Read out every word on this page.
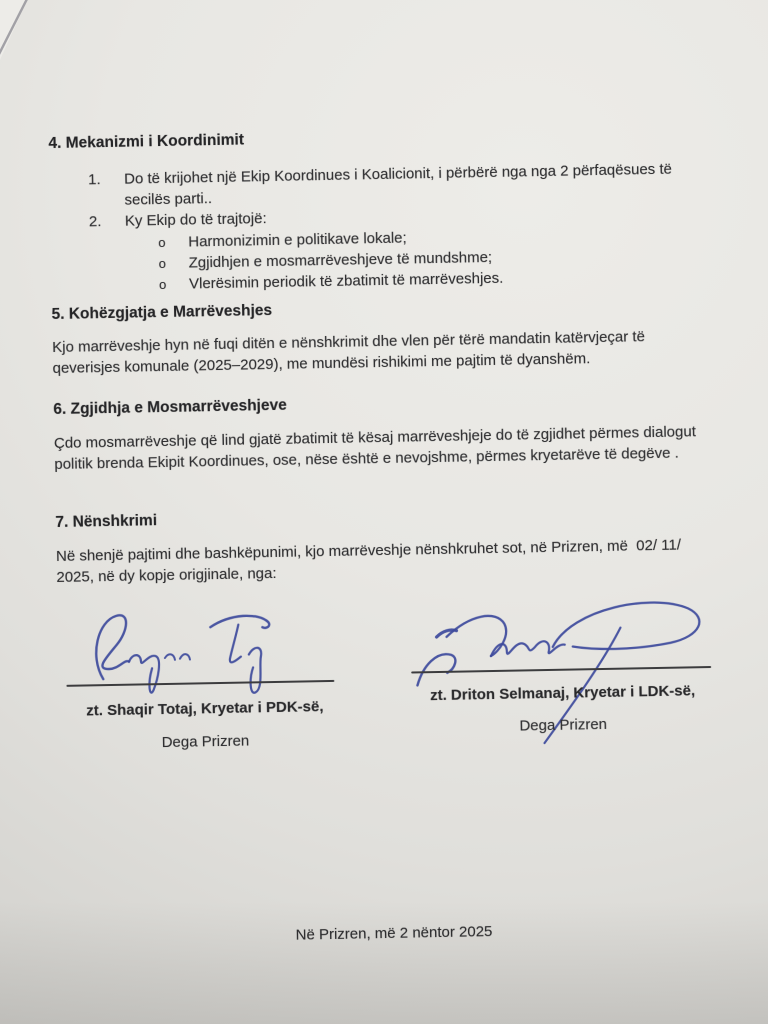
4. Mekanizmi i Koordinimit
1. Do të krijohet një Ekip Koordinues i Koalicionit, i përbërë nga nga 2 përfaqësues të secilës parti..
2. Ky Ekip do të trajtojë:
o Harmonizimin e politikave lokale;
o Zgjidhjen e mosmarrëveshjeve të mundshme;
o Vlerësimin periodik të zbatimit të marrëveshjes.
5. Kohëzgjatja e Marrëveshjes
Kjo marrëveshje hyn në fuqi ditën e nënshkrimit dhe vlen për tërë mandatin katërvjeçar të qeverisjes komunale (2025–2029), me mundësi rishikimi me pajtim të dyanshëm.
6. Zgjidhja e Mosmarrëveshjeve
Çdo mosmarrëveshje që lind gjatë zbatimit të kësaj marrëveshjeje do të zgjidhet përmes dialogut politik brenda Ekipit Koordinues, ose, nëse është e nevojshme, përmes kryetarëve të degëve .
7. Nënshkrimi
Në shenjë pajtimi dhe bashkëpunimi, kjo marrëveshje nënshkruhet sot, në Prizren, më  02/ 11/ 2025, në dy kopje origjinale, nga:
zt. Shaqir Totaj, Kryetar i PDK-së,
Dega Prizren
zt. Driton Selmanaj, Kryetar i LDK-së,
Dega Prizren
Në Prizren, më 2 nëntor 2025
